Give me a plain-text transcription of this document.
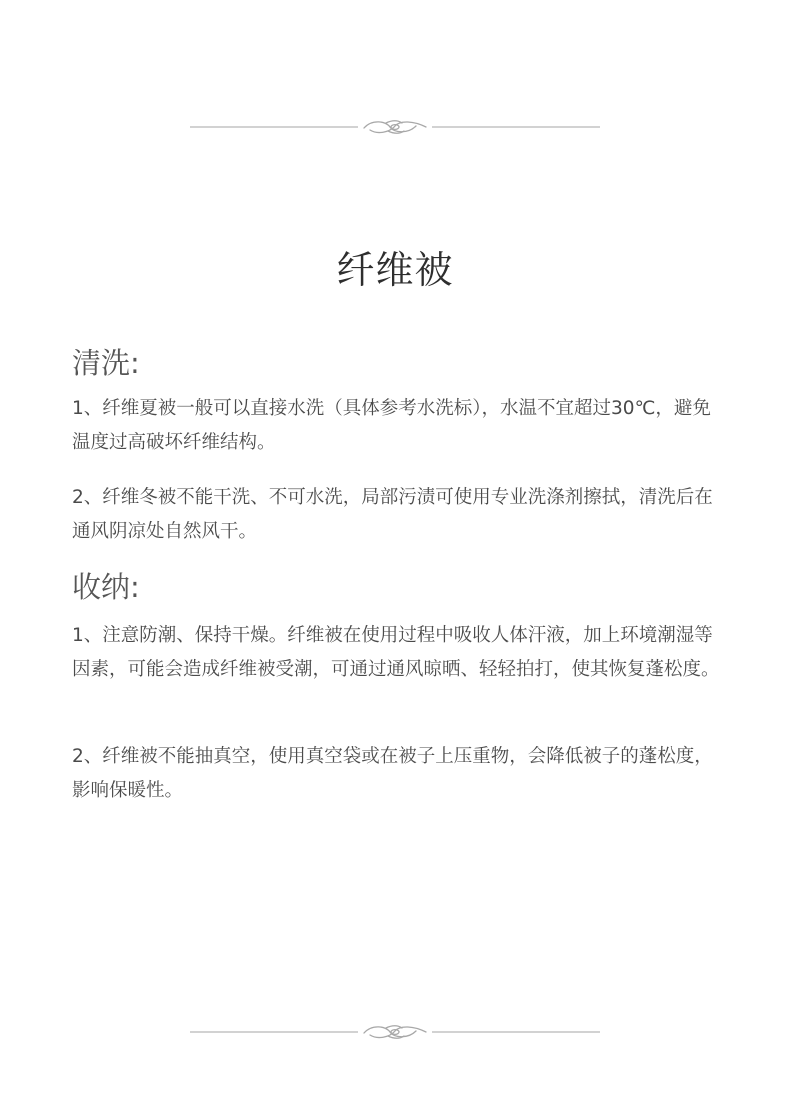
纤维被
清洗:
1、纤维夏被一般可以直接水洗（具体参考水洗标），水温不宜超过30℃，避免温度过高破坏纤维结构。
2、纤维冬被不能干洗、不可水洗，局部污渍可使用专业洗涤剂擦拭，清洗后在通风阴凉处自然风干。
收纳:
1、注意防潮、保持干燥。纤维被在使用过程中吸收人体汗液，加上环境潮湿等因素，可能会造成纤维被受潮，可通过通风晾晒、轻轻拍打，使其恢复蓬松度。
2、纤维被不能抽真空，使用真空袋或在被子上压重物，会降低被子的蓬松度，影响保暖性。
